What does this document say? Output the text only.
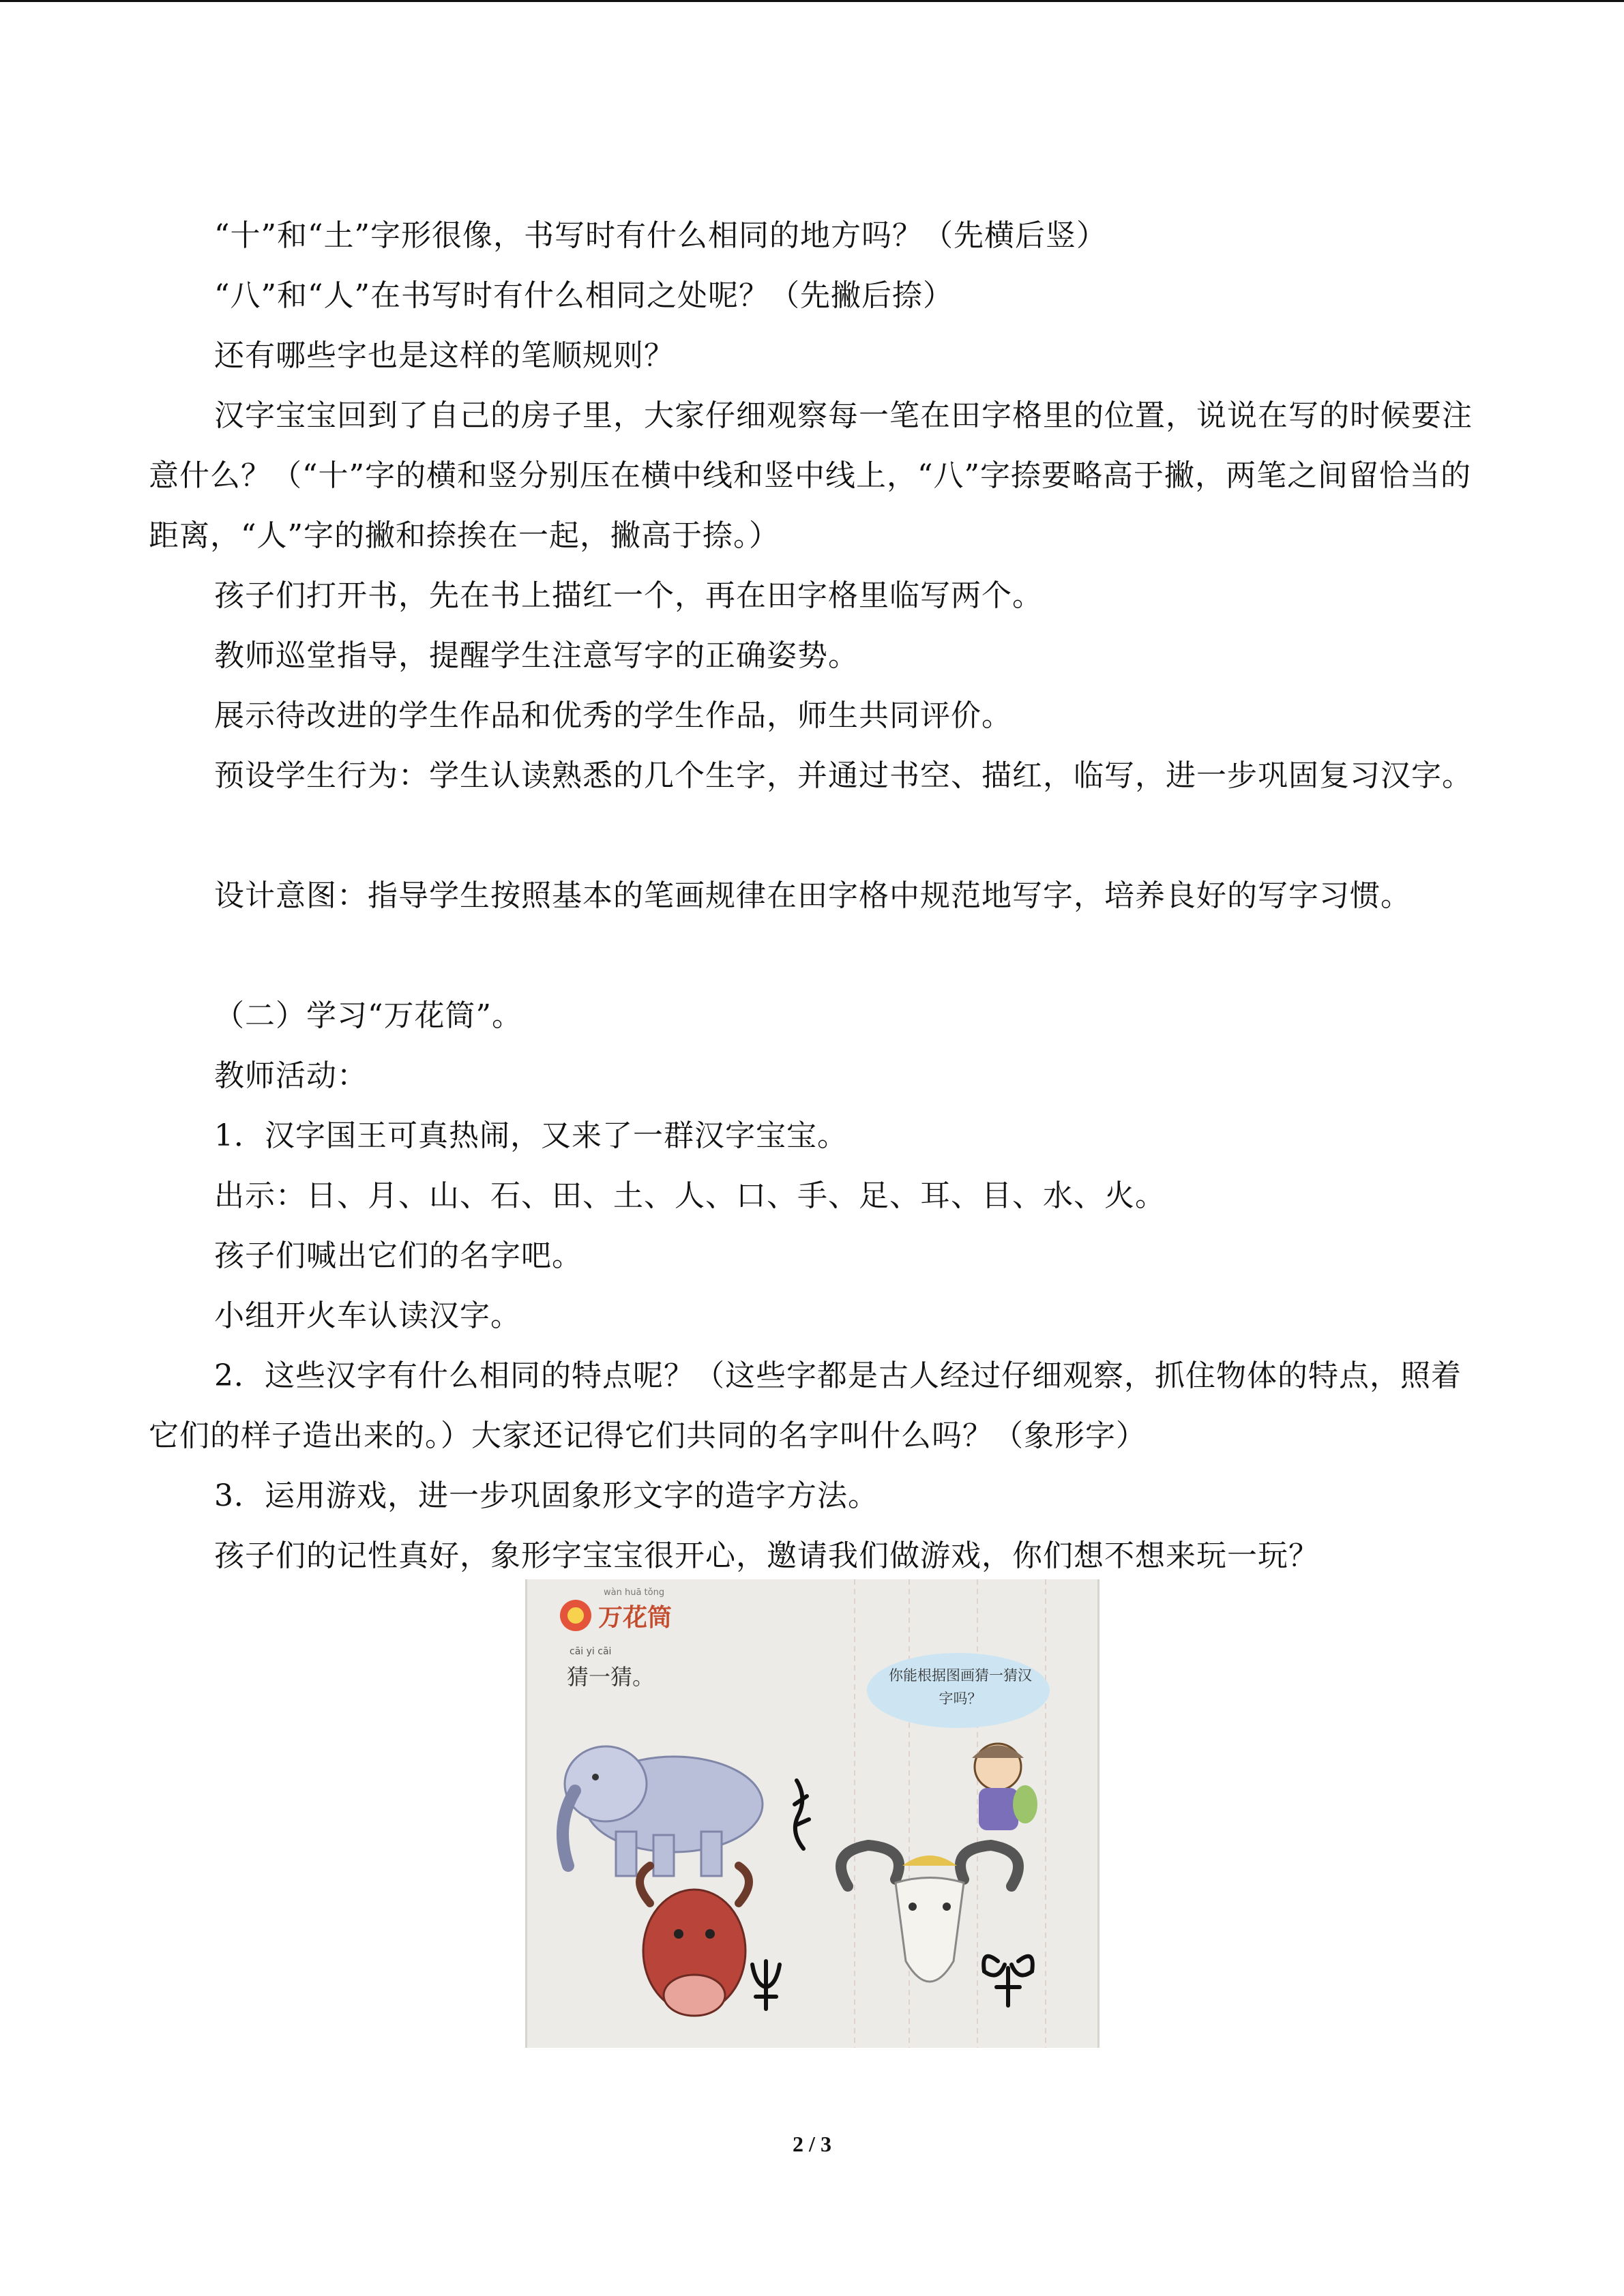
“十”和“土”字形很像，书写时有什么相同的地方吗？（先横后竖）
“八”和“人”在书写时有什么相同之处呢？（先撇后捺）
还有哪些字也是这样的笔顺规则？
汉字宝宝回到了自己的房子里，大家仔细观察每一笔在田字格里的位置，说说在写的时候要注意什么？（“十”字的横和竖分别压在横中线和竖中线上，“八”字捺要略高于撇，两笔之间留恰当的距离，“人”字的撇和捺挨在一起，撇高于捺。）
孩子们打开书，先在书上描红一个，再在田字格里临写两个。
教师巡堂指导，提醒学生注意写字的正确姿势。
展示待改进的学生作品和优秀的学生作品，师生共同评价。
预设学生行为：学生认读熟悉的几个生字，并通过书空、描红，临写，进一步巩固复习汉字。
设计意图：指导学生按照基本的笔画规律在田字格中规范地写字，培养良好的写字习惯。
（二）学习“万花筒”。
教师活动：
1．汉字国王可真热闹，又来了一群汉字宝宝。
出示：日、月、山、石、田、土、人、口、手、足、耳、目、水、火。
孩子们喊出它们的名字吧。
小组开火车认读汉字。
2．这些汉字有什么相同的特点呢？（这些字都是古人经过仔细观察，抓住物体的特点，照着它们的样子造出来的。）大家还记得它们共同的名字叫什么吗？（象形字）
3．运用游戏，进一步巩固象形文字的造字方法。
孩子们的记性真好，象形字宝宝很开心，邀请我们做游戏，你们想不想来玩一玩？
wàn huā tǒng
万花筒
cāi yi cāi
猜一猜。	你能根据图画猜一猜汉字吗？
2 / 3
